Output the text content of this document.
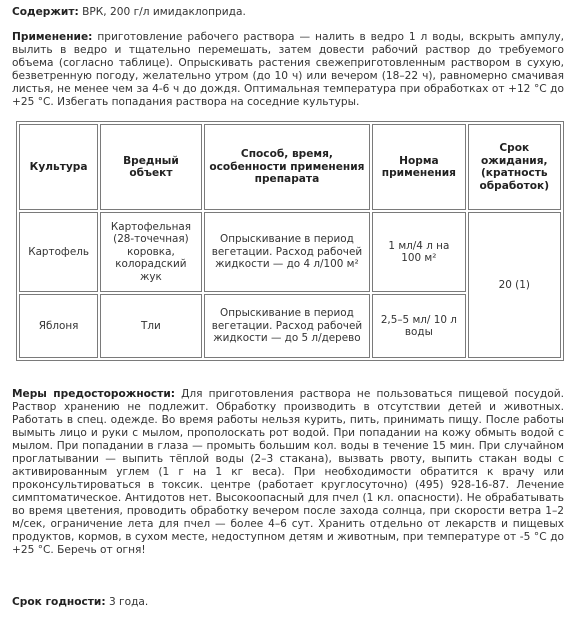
Содержит: ВРК, 200 г/л имидаклоприда.

Применение: приготовление рабочего раствора — налить в ведро 1 л воды, вскрыть ампулу, вылить в ведро и тщательно перемешать, затем довести рабочий раствор до требуемого объема (согласно таблице). Опрыскивать растения свежеприготовленным раствором в сухую, безветренную погоду, желательно утром (до 10 ч) или вечером (18–22 ч), равномерно смачивая листья, не менее чем за 4-6 ч до дождя. Оптимальная температура при обработках от +12 °С до +25 °С. Избегать попадания раствора на соседние культуры.

Культура	Вредный объект	Способ, время, особенности применения препарата	Норма применения	Срок ожидания, (кратность обработок)
Картофель	Картофельная (28-точечная) коровка, колорадский жук	Опрыскивание в период вегетации. Расход рабочей жидкости — до 4 л/100 м²	1 мл/4 л на 100 м²	20 (1)
Яблоня	Тли	Опрыскивание в период вегетации. Расход рабочей жидкости — до 5 л/дерево	2,5–5 мл/ 10 л воды	

Меры предосторожности: Для приготовления раствора не пользоваться пищевой посудой. Раствор хранению не подлежит. Обработку производить в отсутствии детей и животных. Работать в спец. одежде. Во время работы нельзя курить, пить, принимать пищу. После работы вымыть лицо и руки с мылом, прополоскать рот водой. При попадании на кожу обмыть водой с мылом. При попадании в глаза — промыть большим кол. воды в течение 15 мин. При случайном проглатывании — выпить тёплой воды (2–3 стакана), вызвать рвоту, выпить стакан воды с активированным углем (1 г на 1 кг веса). При необходимости обратится к врачу или проконсультироваться в токсик. центре (работает круглосуточно) (495) 928-16-87. Лечение симптоматическое. Антидотов нет. Высокоопасный для пчел (1 кл. опасности). Не обрабатывать во время цветения, проводить обработку вечером после захода солнца, при скорости ветра 1–2 м/сек, ограничение лета для пчел — более 4–6 сут. Хранить отдельно от лекарств и пищевых продуктов, кормов, в сухом месте, недоступном детям и животным, при температуре от -5 °С до +25 °С. Беречь от огня!

Срок годности: 3 года.
